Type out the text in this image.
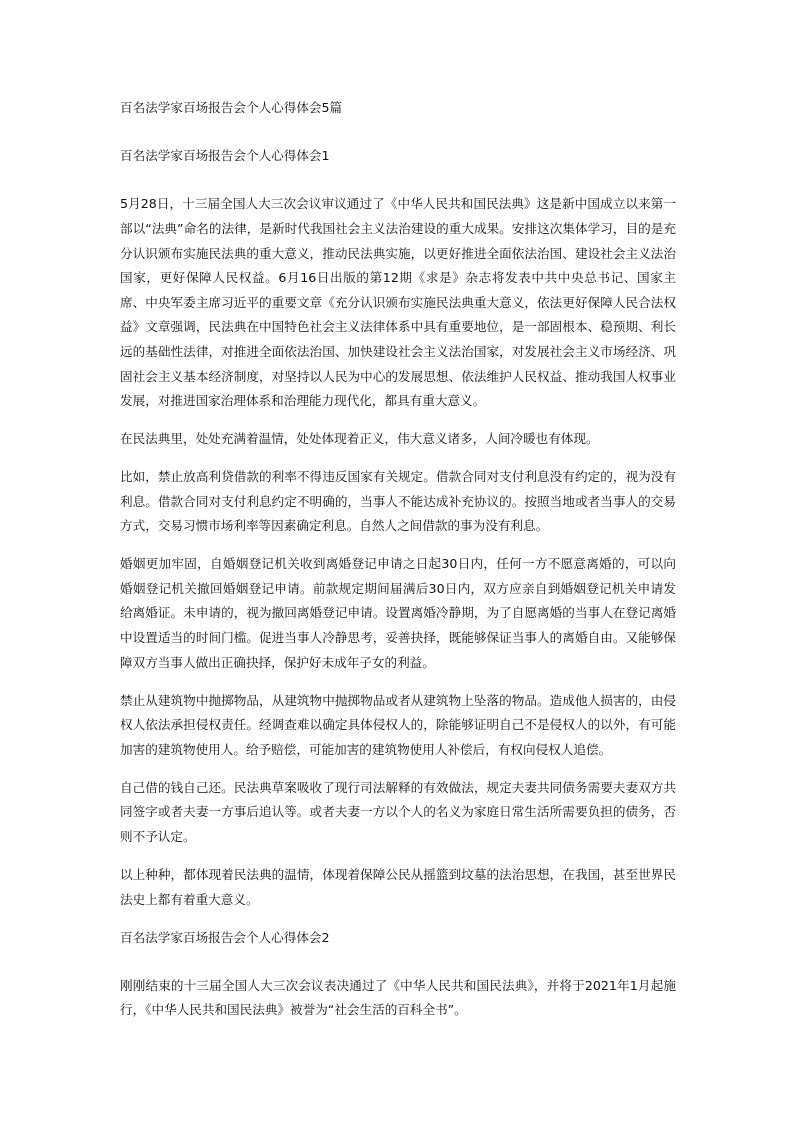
百名法学家百场报告会个人心得体会5篇
百名法学家百场报告会个人心得体会1
5月28日，十三届全国人大三次会议审议通过了《中华人民共和国民法典》这是新中国成立以来第一部以“法典”命名的法律，是新时代我国社会主义法治建设的重大成果。安排这次集体学习，目的是充分认识颁布实施民法典的重大意义，推动民法典实施，以更好推进全面依法治国、建设社会主义法治国家，更好保障人民权益。6月16日出版的第12期《求是》杂志将发表中共中央总书记、国家主席、中央军委主席习近平的重要文章《充分认识颁布实施民法典重大意义，依法更好保障人民合法权益》文章强调，民法典在中国特色社会主义法律体系中具有重要地位，是一部固根本、稳预期、利长远的基础性法律，对推进全面依法治国、加快建设社会主义法治国家，对发展社会主义市场经济、巩固社会主义基本经济制度，对坚持以人民为中心的发展思想、依法维护人民权益、推动我国人权事业发展，对推进国家治理体系和治理能力现代化，都具有重大意义。
在民法典里，处处充满着温情，处处体现着正义，伟大意义诸多，人间冷暖也有体现。
比如，禁止放高利贷借款的利率不得违反国家有关规定。借款合同对支付利息没有约定的，视为没有利息。借款合同对支付利息约定不明确的，当事人不能达成补充协议的。按照当地或者当事人的交易方式，交易习惯市场利率等因素确定利息。自然人之间借款的事为没有利息。
婚姻更加牢固，自婚姻登记机关收到离婚登记申请之日起30日内，任何一方不愿意离婚的，可以向婚姻登记机关撤回婚姻登记申请。前款规定期间届满后30日内，双方应亲自到婚姻登记机关申请发给离婚证。未申请的，视为撤回离婚登记申请。设置离婚冷静期，为了自愿离婚的当事人在登记离婚中设置适当的时间门槛。促进当事人冷静思考，妥善抉择，既能够保证当事人的离婚自由。又能够保障双方当事人做出正确抉择，保护好未成年子女的利益。
禁止从建筑物中抛掷物品，从建筑物中抛掷物品或者从建筑物上坠落的物品。造成他人损害的，由侵权人依法承担侵权责任。经调查难以确定具体侵权人的，除能够证明自己不是侵权人的以外，有可能加害的建筑物使用人。给予赔偿，可能加害的建筑物使用人补偿后，有权向侵权人追偿。
自己借的钱自己还。民法典草案吸收了现行司法解释的有效做法，规定夫妻共同债务需要夫妻双方共同签字或者夫妻一方事后追认等。或者夫妻一方以个人的名义为家庭日常生活所需要负担的债务，否则不予认定。
以上种种，都体现着民法典的温情，体现着保障公民从摇篮到坟墓的法治思想，在我国，甚至世界民法史上都有着重大意义。
百名法学家百场报告会个人心得体会2
刚刚结束的十三届全国人大三次会议表决通过了《中华人民共和国民法典》，并将于2021年1月起施行，《中华人民共和国民法典》被誉为“社会生活的百科全书”。
